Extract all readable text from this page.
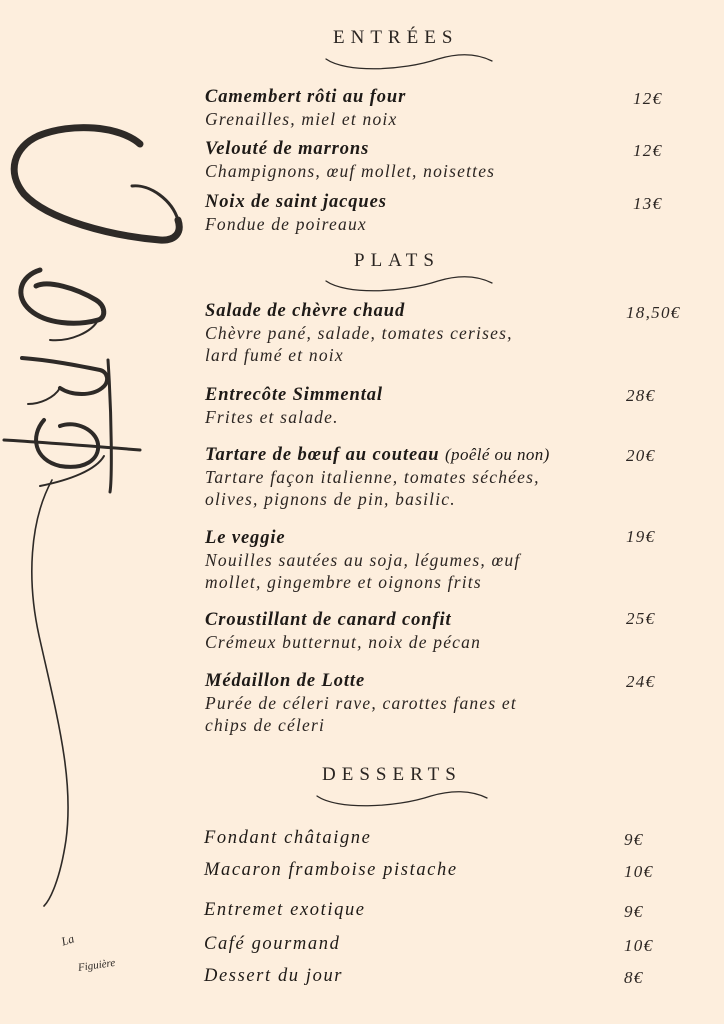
La
Figuière
ENTRÉES
Camembert rôti au four
Grenailles, miel et noix
12€
Velouté de marrons
Champignons, œuf mollet, noisettes
12€
Noix de saint jacques
Fondue de poireaux
13€
PLATS
Salade de chèvre chaud
Chèvre pané, salade, tomates cerises,
lard fumé et noix
18,50€
Entrecôte Simmental
Frites et salade.
28€
Tartare de bœuf au couteau (poêlé ou non)
Tartare façon italienne, tomates séchées,
olives, pignons de pin, basilic.
20€
Le veggie
Nouilles sautées au soja, légumes, œuf
mollet, gingembre et oignons frits
19€
Croustillant de canard confit
Crémeux butternut, noix de pécan
25€
Médaillon de Lotte
Purée de céleri rave, carottes fanes et
chips de céleri
24€
DESSERTS
Fondant châtaigne	9€
Macaron framboise pistache	10€
Entremet exotique	9€
Café gourmand	10€
Dessert du jour	8€
